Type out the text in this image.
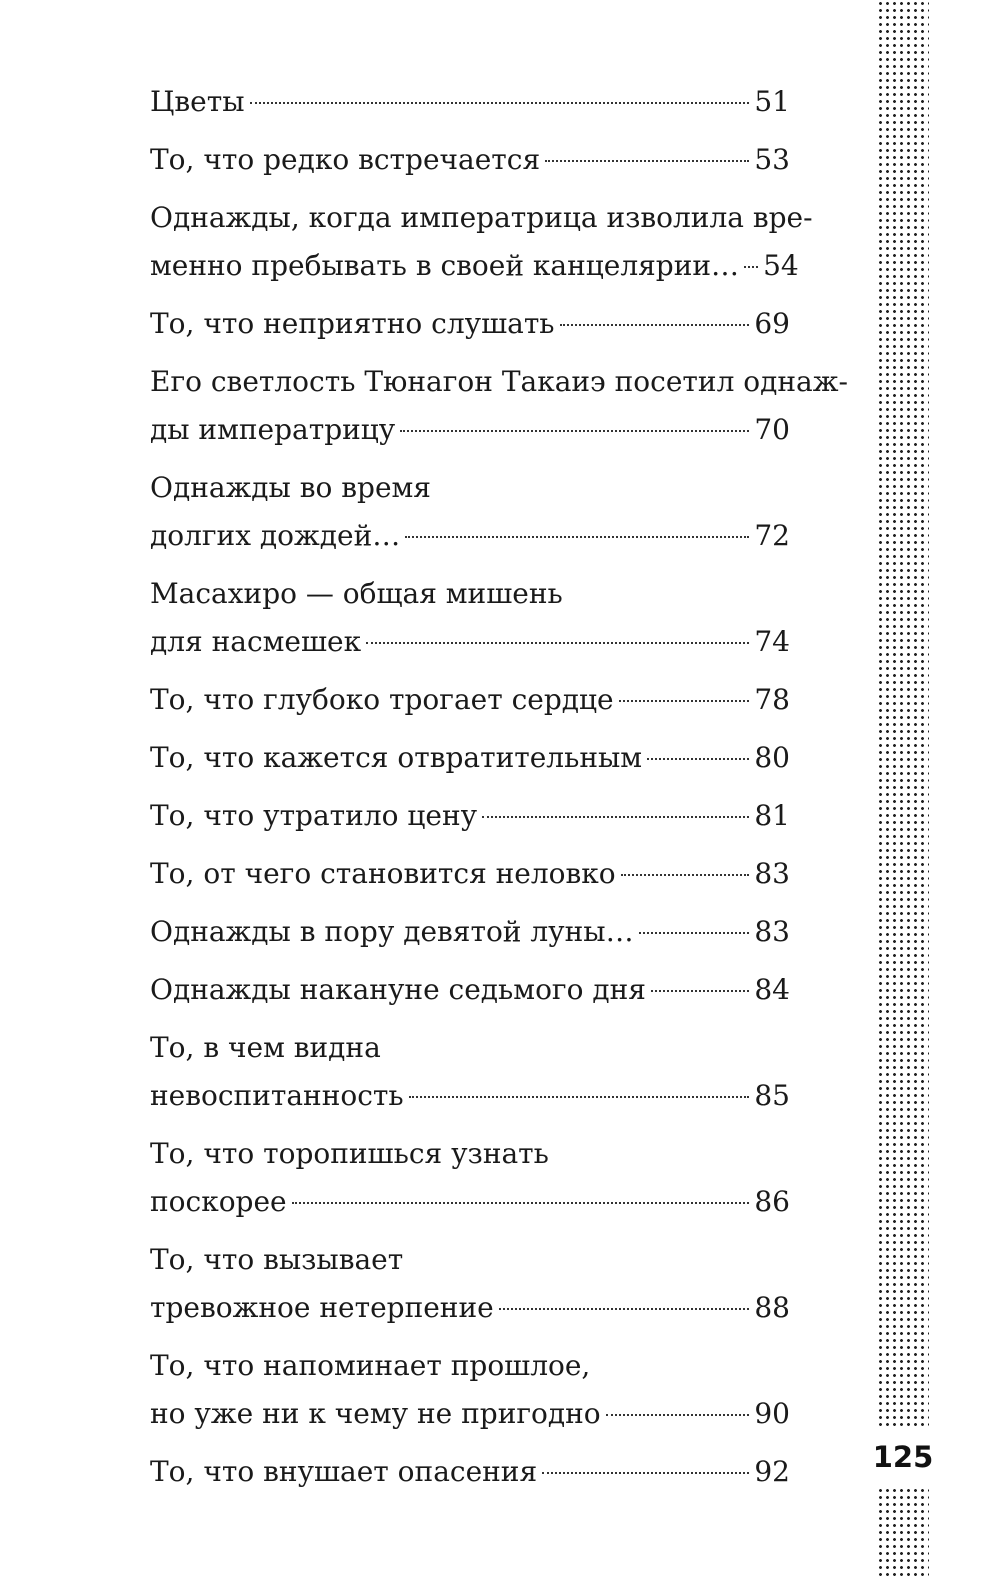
Цветы	51
То, что редко встречается	53
Однажды, когда императрица изволила вре-
менно пребывать в своей канцелярии… 54
То, что неприятно слушать	69
Его светлость Тюнагон Такаиэ посетил однаж-
ды императрицу	70
Однажды во время
долгих дождей…	72
Масахиро — общая мишень
для насмешек	74
То, что глубоко трогает сердце	78
То, что кажется отвратительным	80
То, что утратило цену	81
То, от чего становится неловко	83
Однажды в пору девятой луны…	83
Однажды накануне седьмого дня	84
То, в чем видна
невоспитанность	85
То, что торопишься узнать
поскорее	86
То, что вызывает
тревожное нетерпение	88
То, что напоминает прошлое,
но уже ни к чему не пригодно	90
То, что внушает опасения	92	125
